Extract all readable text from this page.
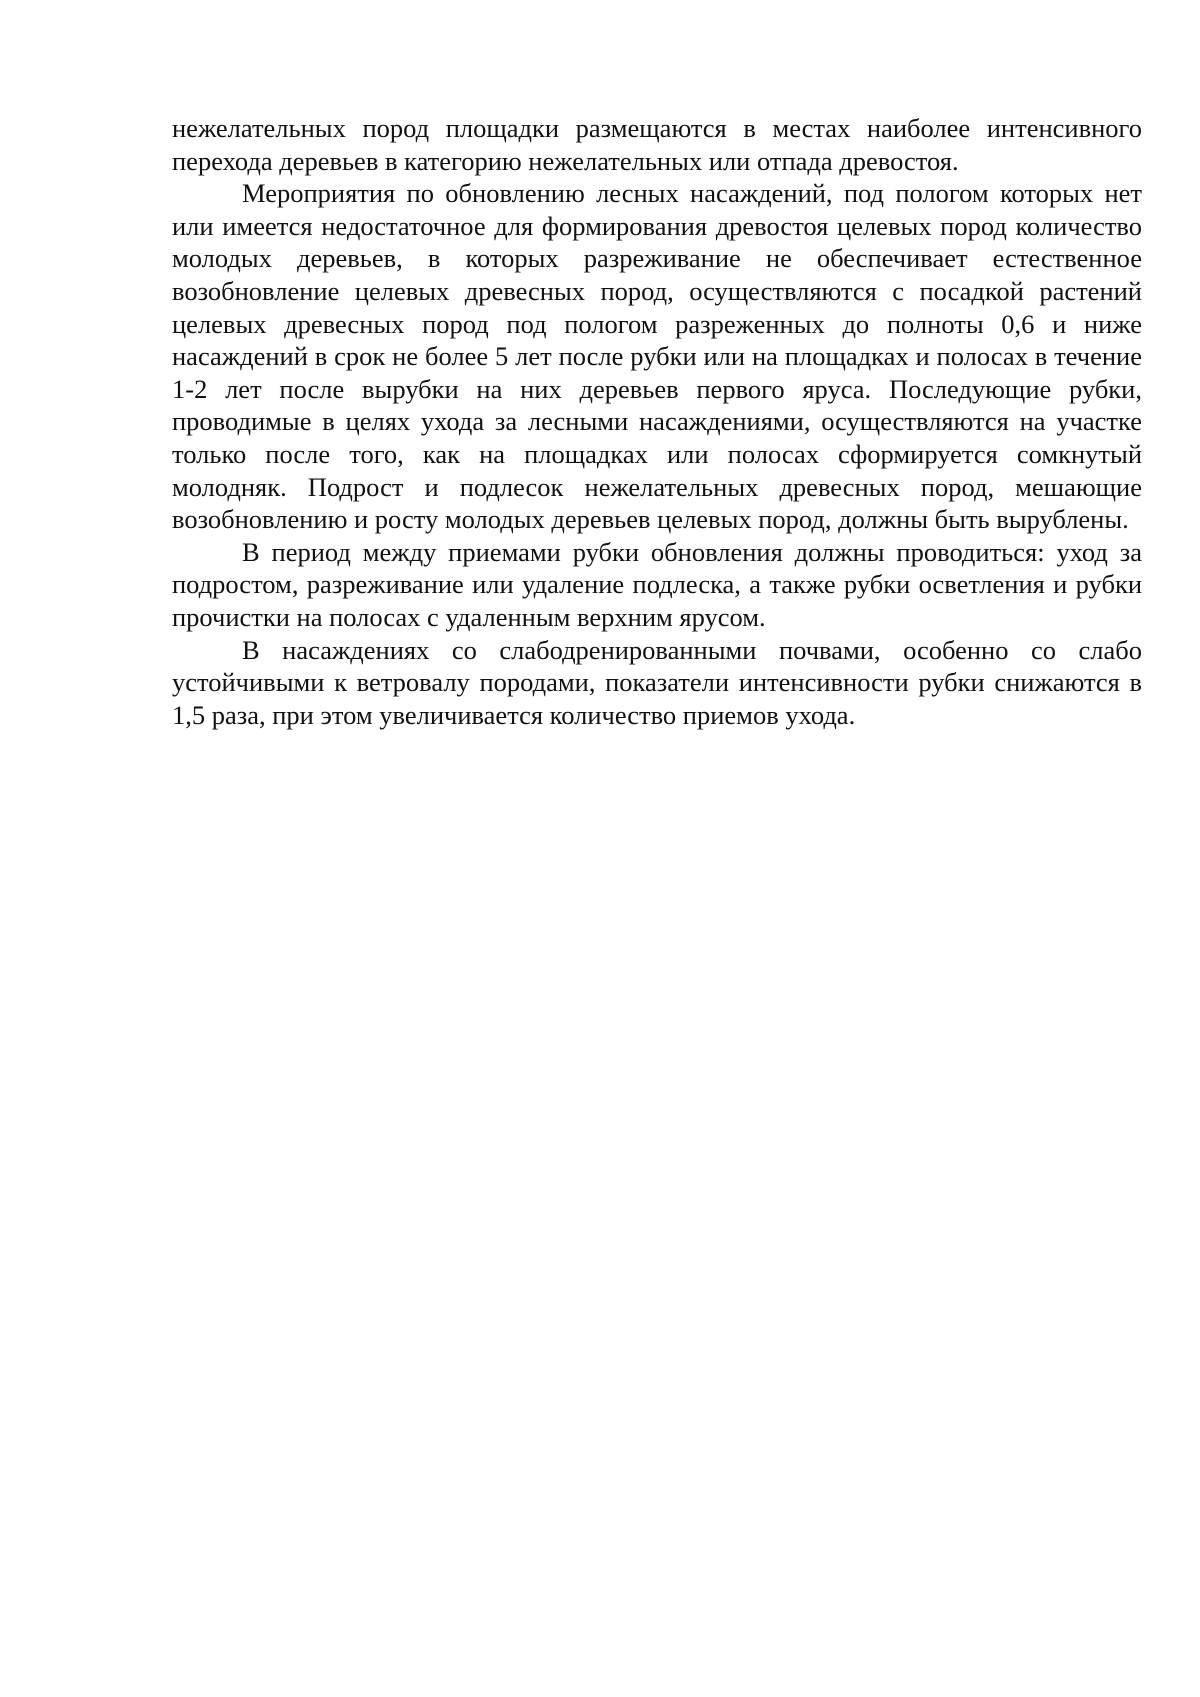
нежелательных пород площадки размещаются в местах наиболее интенсивного перехода деревьев в категорию нежелательных или отпада древостоя.

Мероприятия по обновлению лесных насаждений, под пологом которых нет или имеется недостаточное для формирования древостоя целевых пород количество молодых деревьев, в которых разреживание не обеспечивает естественное возобновление целевых древесных пород, осуществляются с посадкой растений целевых древесных пород под пологом разреженных до полноты 0,6 и ниже насаждений в срок не более 5 лет после рубки или на площадках и полосах в течение 1-2 лет после вырубки на них деревьев первого яруса. Последующие рубки, проводимые в целях ухода за лесными насаждениями, осуществляются на участке только после того, как на площадках или полосах сформируется сомкнутый молодняк. Подрост и подлесок нежелательных древесных пород, мешающие возобновлению и росту молодых деревьев целевых пород, должны быть вырублены.

В период между приемами рубки обновления должны проводиться: уход за подростом, разреживание или удаление подлеска, а также рубки осветления и рубки прочистки на полосах с удаленным верхним ярусом.

В насаждениях со слабодренированными почвами, особенно со слабо устойчивыми к ветровалу породами, показатели интенсивности рубки снижаются в 1,5 раза, при этом увеличивается количество приемов ухода.
